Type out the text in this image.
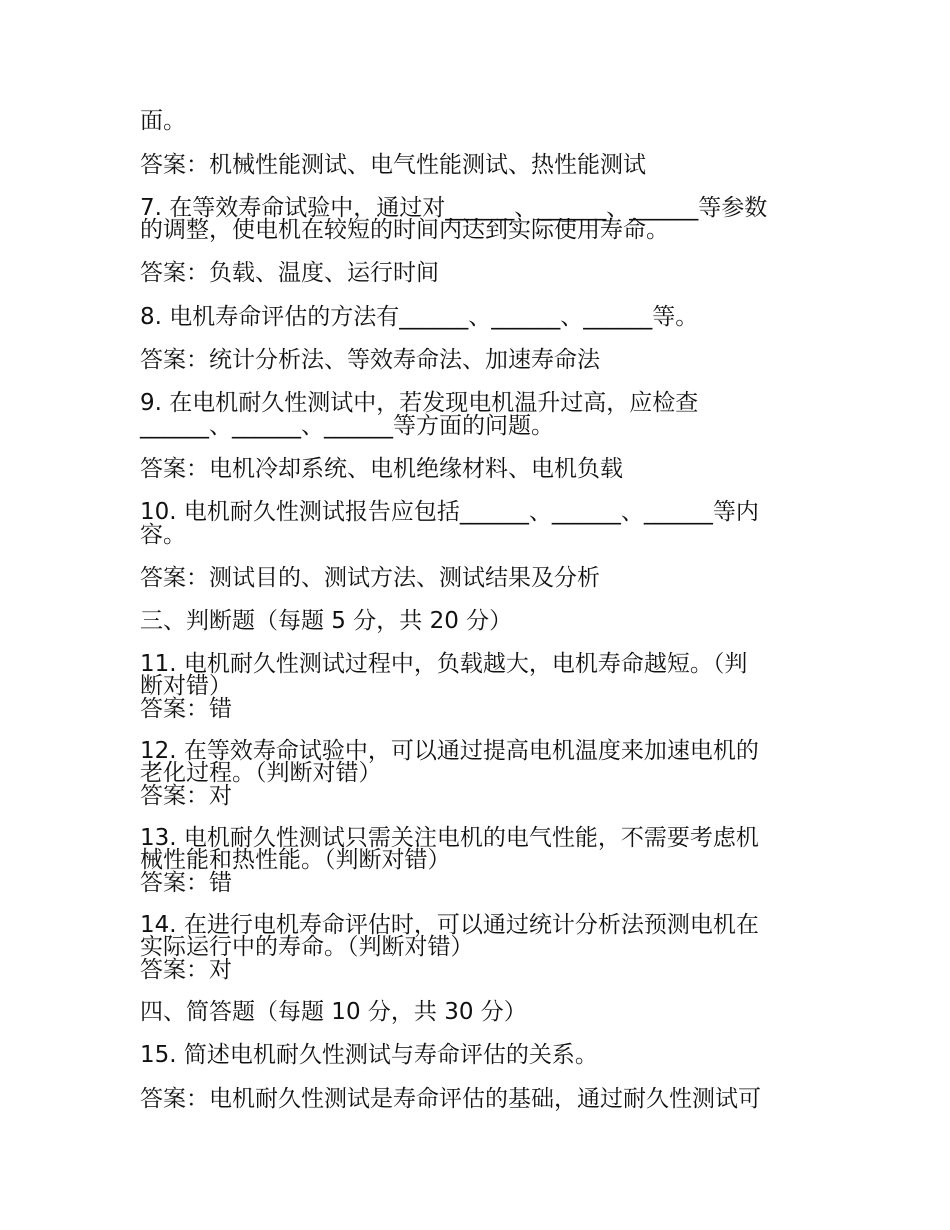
面。
答案：机械性能测试、电气性能测试、热性能测试
7. 在等效寿命试验中，通过对______、______、______等参数
的调整，使电机在较短的时间内达到实际使用寿命。
答案：负载、温度、运行时间
8. 电机寿命评估的方法有______、______、______等。
答案：统计分析法、等效寿命法、加速寿命法
9. 在电机耐久性测试中，若发现电机温升过高，应检查
______、______、______等方面的问题。
答案：电机冷却系统、电机绝缘材料、电机负载
10. 电机耐久性测试报告应包括______、______、______等内
容。
答案：测试目的、测试方法、测试结果及分析
三、判断题（每题 5 分，共 20 分）
11. 电机耐久性测试过程中，负载越大，电机寿命越短。（判
断对错）
答案：错
12. 在等效寿命试验中，可以通过提高电机温度来加速电机的
老化过程。（判断对错）
答案：对
13. 电机耐久性测试只需关注电机的电气性能，不需要考虑机
械性能和热性能。（判断对错）
答案：错
14. 在进行电机寿命评估时，可以通过统计分析法预测电机在
实际运行中的寿命。（判断对错）
答案：对
四、简答题（每题 10 分，共 30 分）
15. 简述电机耐久性测试与寿命评估的关系。
答案：电机耐久性测试是寿命评估的基础，通过耐久性测试可
